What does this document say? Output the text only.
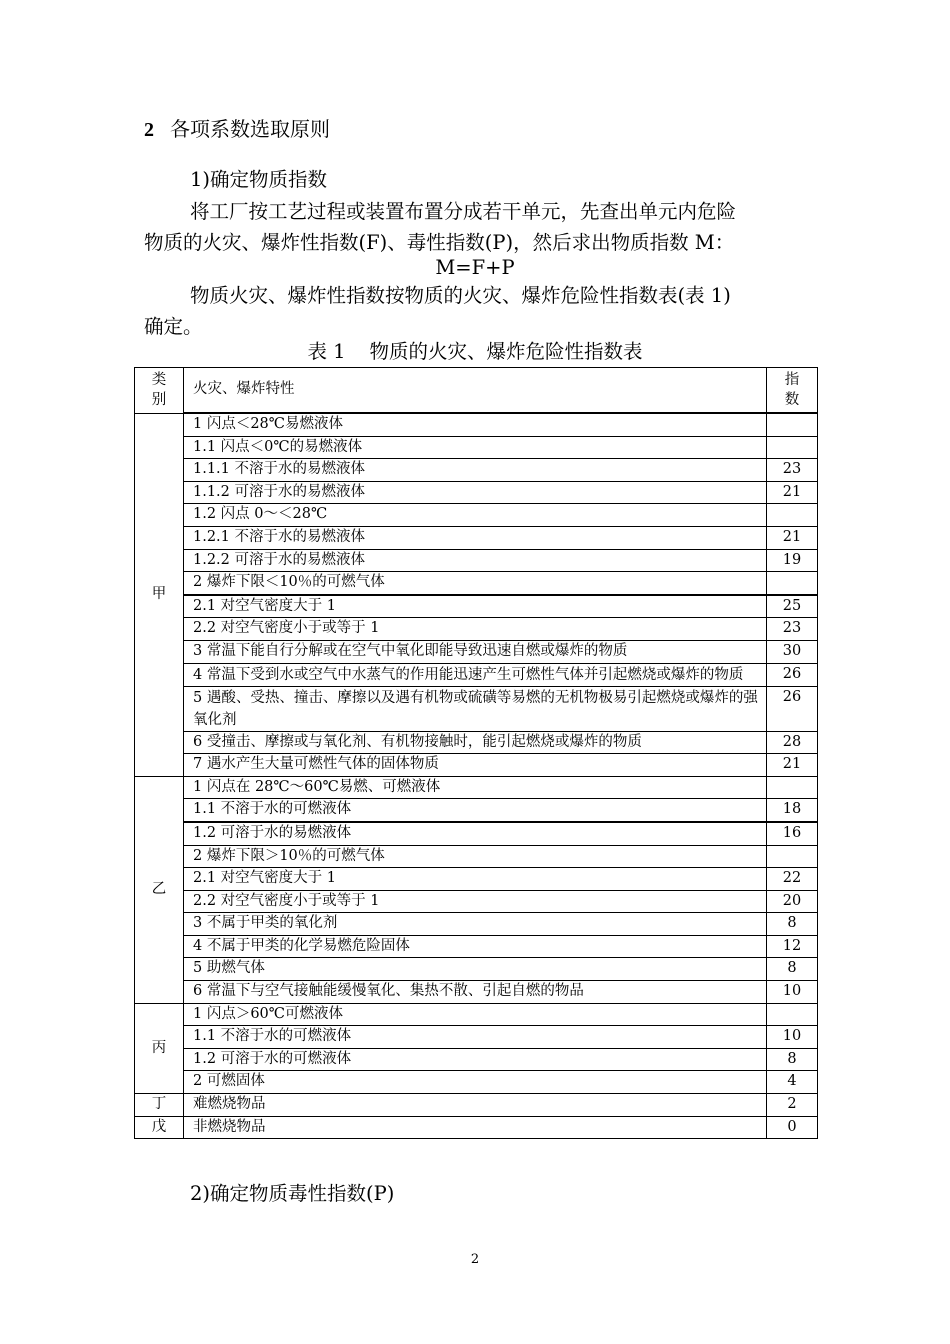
2 各项系数选取原则
1)确定物质指数
将工厂按工艺过程或装置布置分成若干单元，先查出单元内危险
物质的火灾、爆炸性指数(F)、毒性指数(P)，然后求出物质指数 M：
M=F+P
物质火灾、爆炸性指数按物质的火灾、爆炸危险性指数表(表 1)
确定。
表 1 物质的火灾、爆炸危险性指数表
类
别	火灾、爆炸特性	指
数
甲	1 闪点＜28℃易燃液体	
	1.1 闪点＜0℃的易燃液体	
	1.1.1 不溶于水的易燃液体	23
	1.1.2 可溶于水的易燃液体	21
	1.2 闪点 0～＜28℃	
	1.2.1 不溶于水的易燃液体	21
	1.2.2 可溶于水的易燃液体	19
	2 爆炸下限＜10％的可燃气体	
	2.1 对空气密度大于 1	25
	2.2 对空气密度小于或等于 1	23
	3 常温下能自行分解或在空气中氧化即能导致迅速自燃或爆炸的物质	30
	4 常温下受到水或空气中水蒸气的作用能迅速产生可燃性气体并引起燃烧或爆炸的物质	26
	5 遇酸、受热、撞击、摩擦以及遇有机物或硫磺等易燃的无机物极易引起燃烧或爆炸的强氧化剂	26
	6 受撞击、摩擦或与氧化剂、有机物接触时，能引起燃烧或爆炸的物质	28
	7 遇水产生大量可燃性气体的固体物质	21
乙	1 闪点在 28℃～60℃易燃、可燃液体	
	1.1 不溶于水的可燃液体	18
	1.2 可溶于水的易燃液体	16
	2 爆炸下限＞10％的可燃气体	
	2.1 对空气密度大于 1	22
	2.2 对空气密度小于或等于 1	20
	3 不属于甲类的氧化剂	8
	4 不属于甲类的化学易燃危险固体	12
	5 助燃气体	8
	6 常温下与空气接触能缓慢氧化、集热不散、引起自燃的物品	10
丙	1 闪点＞60℃可燃液体	
	1.1 不溶于水的可燃液体	10
	1.2 可溶于水的可燃液体	8
	2 可燃固体	4
丁	难燃烧物品	2
戊	非燃烧物品	0
2)确定物质毒性指数(P)
2
